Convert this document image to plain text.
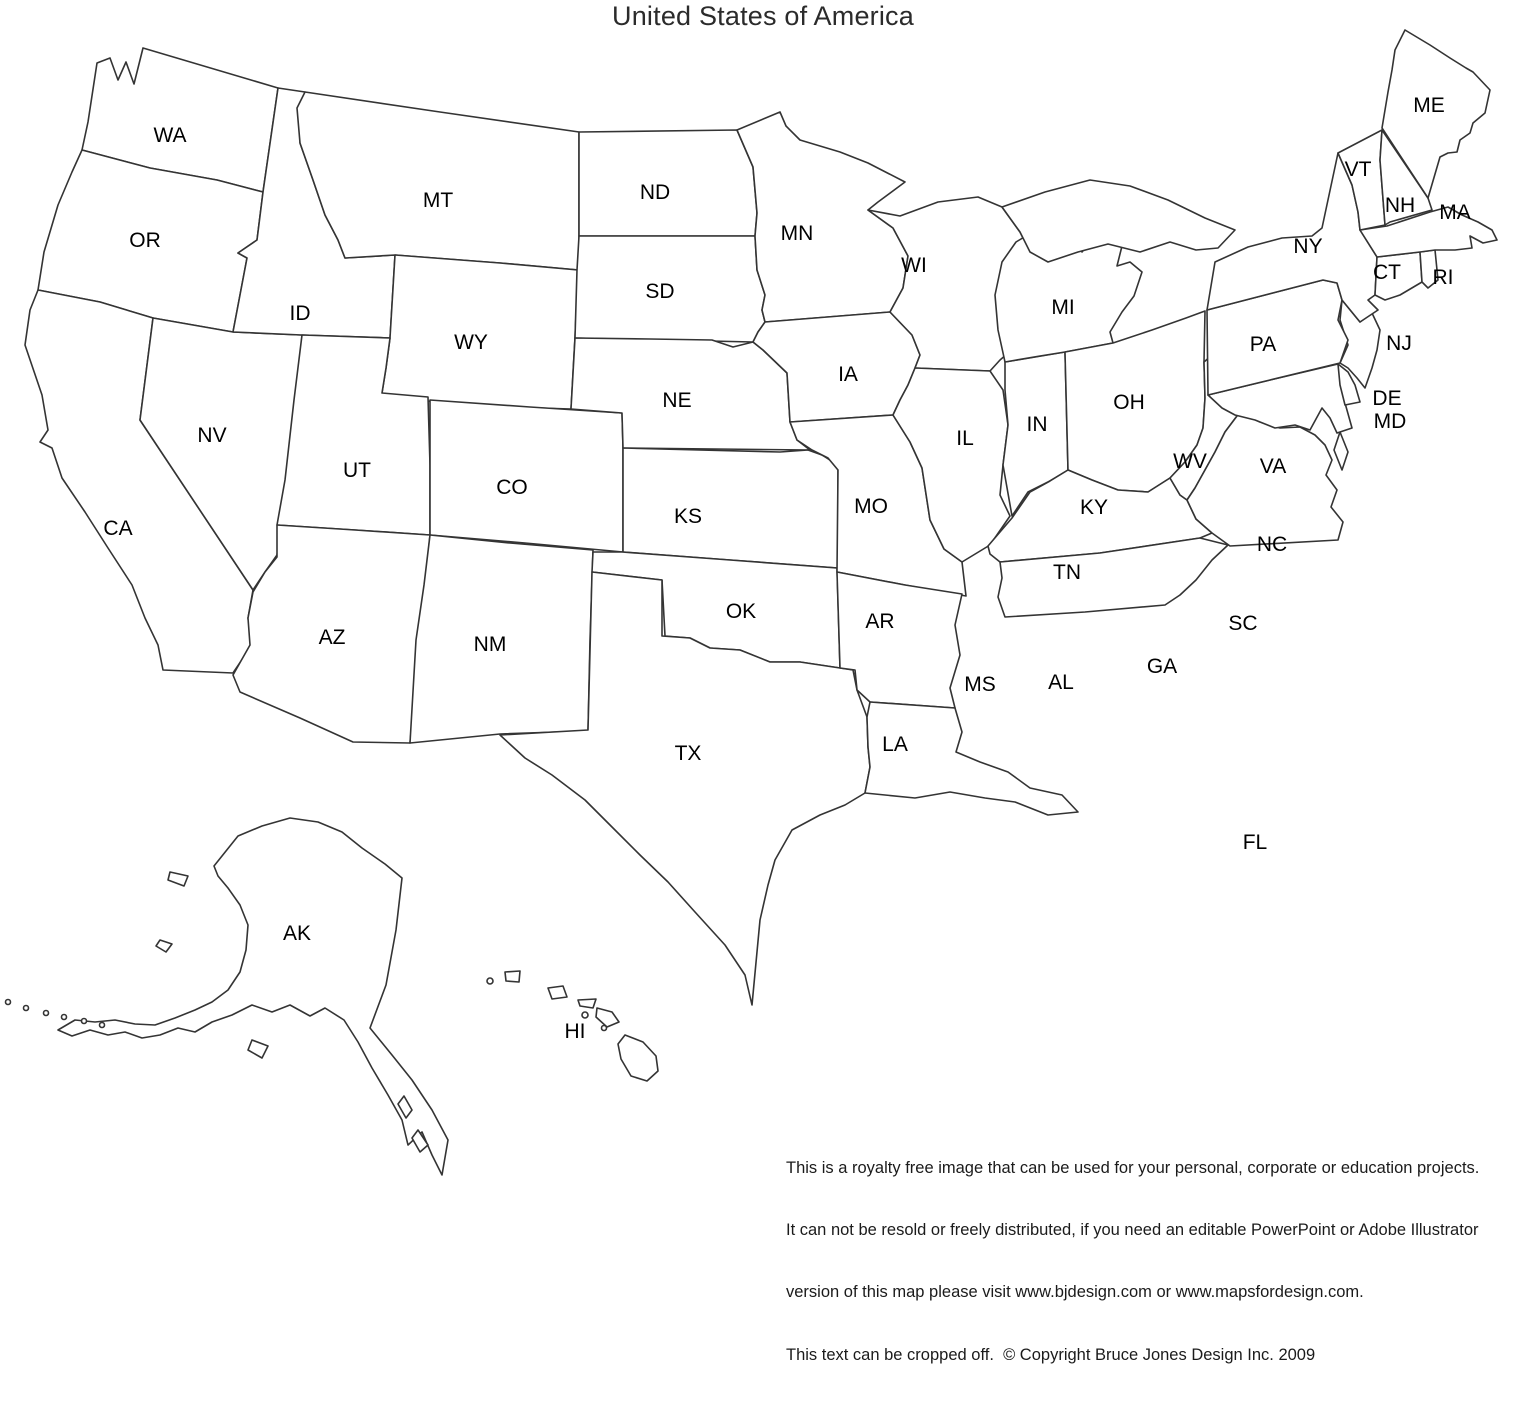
United States of America
WA
OR
CA
NV
ID
MT
WY
UT
AZ	NM
CO
ND
SD
NE
KS
OK
TX
MN
IA
MO
AR
LA
WI
IL
IN
MI
OH
KY
TN
MS AL
GA
FL
SC
NC
VA
WV
PA
NY
NJ
DE
MD
CT RI
MA
VT
NH
ME
AK
HI

This is a royalty free image that can be used for your personal, corporate or education projects.

It can not be resold or freely distributed, if you need an editable PowerPoint or Adobe Illustrator

version of this map please visit www.bjdesign.com or www.mapsfordesign.com.

This text can be cropped off.  © Copyright Bruce Jones Design Inc. 2009
